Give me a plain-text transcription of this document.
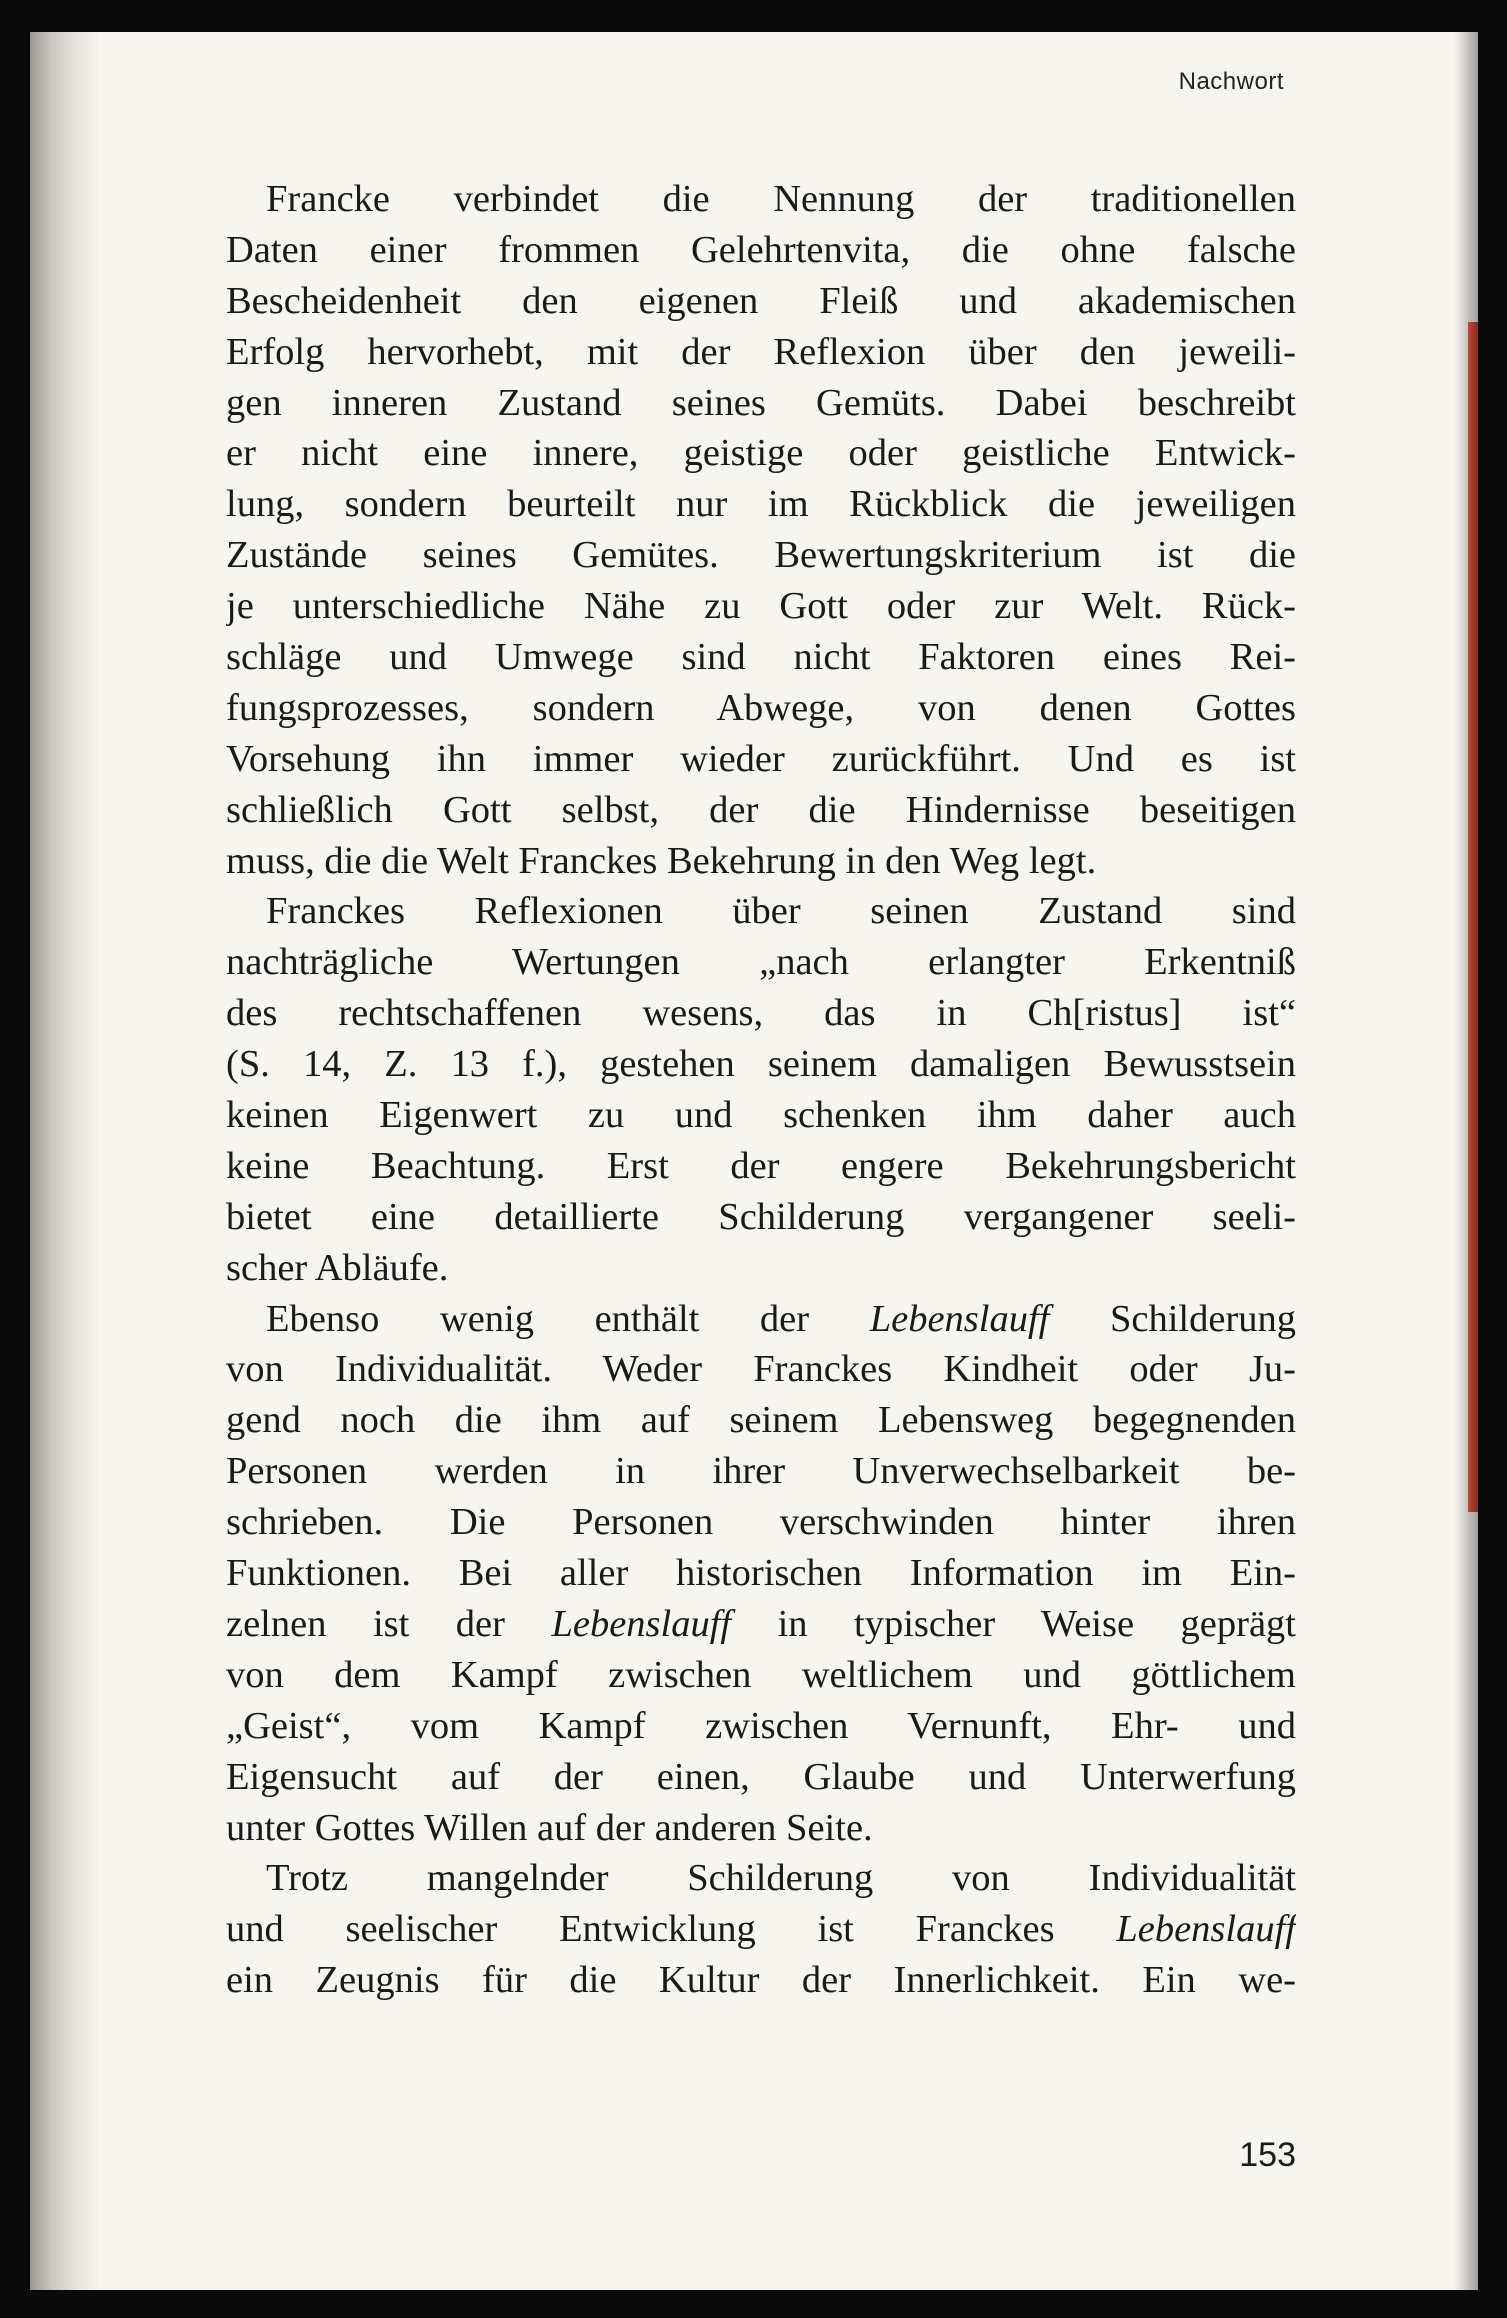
Nachwort
Francke verbindet die Nennung der traditionellen
Daten einer frommen Gelehrtenvita, die ohne falsche
Bescheidenheit den eigenen Fleiß und akademischen
Erfolg hervorhebt, mit der Reflexion über den jeweili-
gen inneren Zustand seines Gemüts. Dabei beschreibt
er nicht eine innere, geistige oder geistliche Entwick-
lung, sondern beurteilt nur im Rückblick die jeweiligen
Zustände seines Gemütes. Bewertungskriterium ist die
je unterschiedliche Nähe zu Gott oder zur Welt. Rück-
schläge und Umwege sind nicht Faktoren eines Rei-
fungsprozesses, sondern Abwege, von denen Gottes
Vorsehung ihn immer wieder zurückführt. Und es ist
schließlich Gott selbst, der die Hindernisse beseitigen
muss, die die Welt Franckes Bekehrung in den Weg legt.
Franckes Reflexionen über seinen Zustand sind
nachträgliche Wertungen „nach erlangter Erkentniß
des rechtschaffenen wesens, das in Ch[ristus] ist“
(S. 14, Z. 13 f.), gestehen seinem damaligen Bewusstsein
keinen Eigenwert zu und schenken ihm daher auch
keine Beachtung. Erst der engere Bekehrungsbericht
bietet eine detaillierte Schilderung vergangener seeli-
scher Abläufe.
Ebenso wenig enthält der Lebenslauff Schilderung
von Individualität. Weder Franckes Kindheit oder Ju-
gend noch die ihm auf seinem Lebensweg begegnenden
Personen werden in ihrer Unverwechselbarkeit be-
schrieben. Die Personen verschwinden hinter ihren
Funktionen. Bei aller historischen Information im Ein-
zelnen ist der Lebenslauff in typischer Weise geprägt
von dem Kampf zwischen weltlichem und göttlichem
„Geist“, vom Kampf zwischen Vernunft, Ehr- und
Eigensucht auf der einen, Glaube und Unterwerfung
unter Gottes Willen auf der anderen Seite.
Trotz mangelnder Schilderung von Individualität
und seelischer Entwicklung ist Franckes Lebenslauff
ein Zeugnis für die Kultur der Innerlichkeit. Ein we-
153
